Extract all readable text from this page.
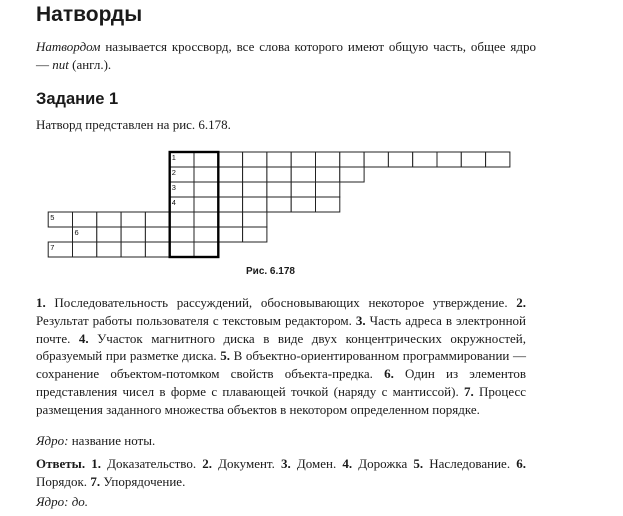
Натворды

Натвордом называется кроссворд, все слова которого имеют общую часть, общее ядро — nut (англ.).

Задание 1

Натворд представлен на рис. 6.178.

1
2
3
4
5
6
7

Рис. 6.178

1. Последовательность рассуждений, обосновывающих некоторое утверждение. 2. Результат работы пользователя с текстовым редактором. 3. Часть адреса в электронной почте. 4. Участок магнитного диска в виде двух концентрических окружностей, образуемый при разметке диска. 5. В объектно-ориентированном программировании — сохранение объектом-потомком свойств объекта-предка. 6. Один из элементов представления чисел в форме с плавающей точкой (наряду с мантиссой). 7. Процесс размещения заданного множества объектов в некотором определенном порядке.

Ядро: название ноты.

Ответы. 1. Доказательство. 2. Документ. 3. Домен. 4. Дорожка 5. Наследование. 6. Порядок. 7. Упорядочение.

Ядро: до.
